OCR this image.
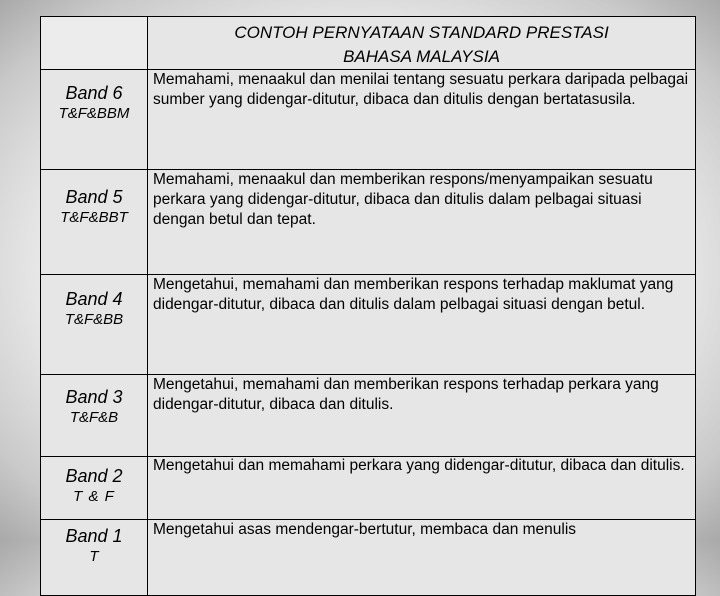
	CONTOH PERNYATAAN STANDARD PRESTASI
BAHASA MALAYSIA

Band 6
T&F&BBM	Memahami, menaakul dan menilai tentang sesuatu perkara daripada pelbagai sumber yang didengar-ditutur, dibaca dan ditulis dengan bertatasusila.

Band 5
T&F&BBT	Memahami, menaakul dan memberikan respons/menyampaikan sesuatu perkara yang didengar-ditutur, dibaca dan ditulis dalam pelbagai situasi dengan betul dan tepat.

Band 4
T&F&BB	Mengetahui, memahami dan memberikan respons terhadap maklumat yang didengar-ditutur, dibaca dan ditulis dalam pelbagai situasi dengan betul.

Band 3
T&F&B	Mengetahui, memahami dan memberikan respons terhadap perkara yang didengar-ditutur, dibaca dan ditulis.

Band 2
T & F	Mengetahui dan memahami perkara yang didengar-ditutur, dibaca dan ditulis.

Band 1
T	Mengetahui asas mendengar-bertutur, membaca dan menulis
